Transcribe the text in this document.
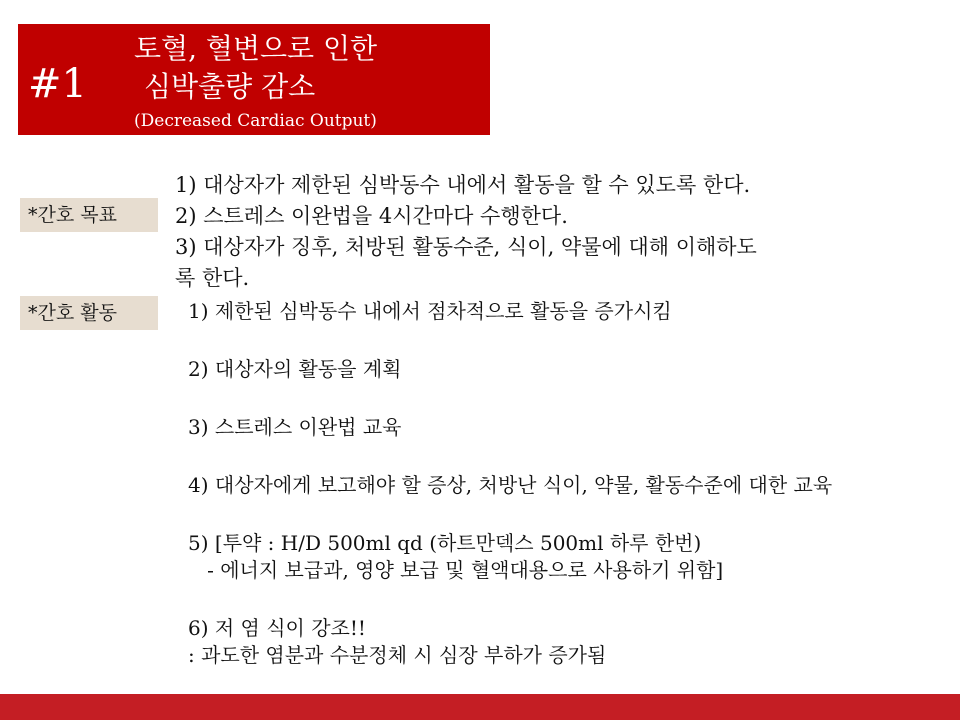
#1
토혈, 혈변으로 인한
심박출량 감소
(Decreased Cardiac Output)
*간호 목표
1) 대상자가 제한된 심박동수 내에서 활동을 할 수 있도록 한다.
2) 스트레스 이완법을 4시간마다 수행한다.
3) 대상자가 징후, 처방된 활동수준, 식이, 약물에 대해 이해하도
록 한다.
*간호 활동	1) 제한된 심박동수 내에서 점차적으로 활동을 증가시킴
2) 대상자의 활동을 계획
3) 스트레스 이완법 교육
4) 대상자에게 보고해야 할 증상, 처방난 식이, 약물, 활동수준에 대한 교육
5) [투약 : H/D 500ml qd (하트만덱스 500ml 하루 한번)
- 에너지 보급과, 영양 보급 및 혈액대용으로 사용하기 위함]
6) 저 염 식이 강조!!
: 과도한 염분과 수분정체 시 심장 부하가 증가됨
